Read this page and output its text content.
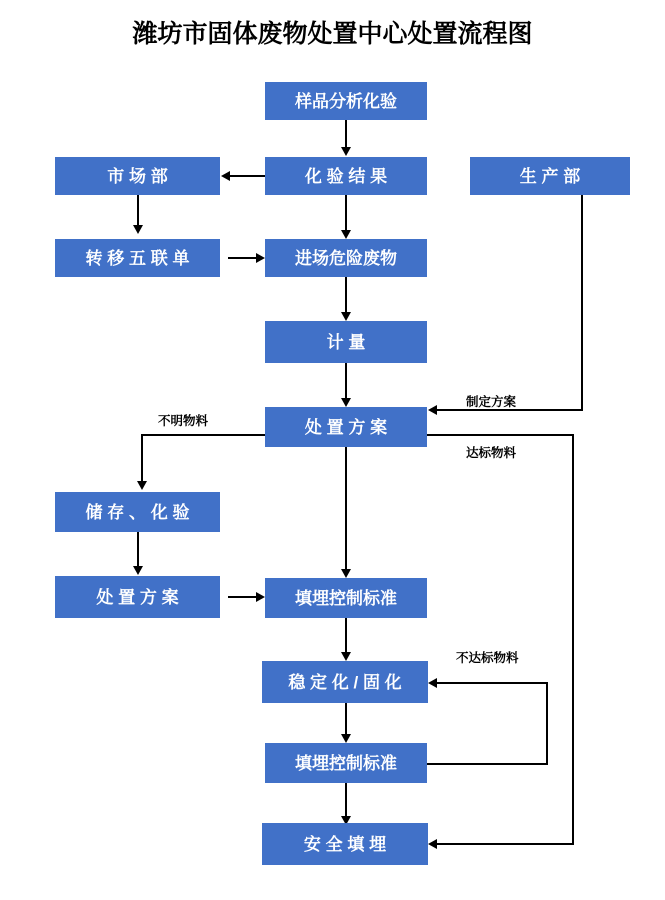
潍坊市固体废物处置中心处置流程图
样品分析化验
化 验 结 果
市 场 部	生 产 部
转 移 五 联 单	进场危险废物
计 量
处 置 方 案
制定方案
不明物料
达标物料
储 存 、 化 验
处 置 方 案	填埋控制标准
稳 定 化 / 固 化
不达标物料
填埋控制标准
安 全 填 埋
